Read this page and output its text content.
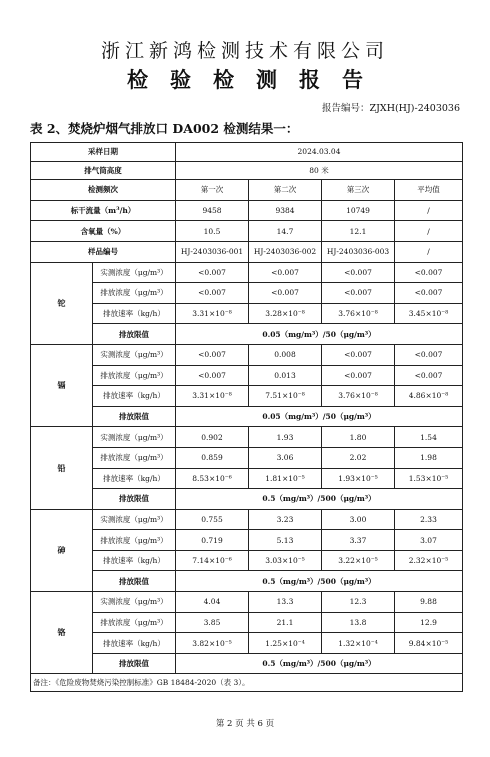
浙江新鸿检测技术有限公司
检验检测报告
报告编号：ZJXH(HJ)-2403036
表 2、焚烧炉烟气排放口 DA002 检测结果一：
采样日期		2024.03.04			
排气筒高度		80 米			
检测频次		第一次	第二次	第三次	平均值
标干流量$(m^3/h)$		9458	9384	10749	/
含氧量（%）		10.5	14.7	12.1	/
样品编号		HJ-2403036-001	HJ-2403036-002	HJ-2403036-003	/
铊	实测浓度（μg/m³）	<0.007	<0.007	<0.007	<0.007
	排放浓度（μg/m³）	<0.007	<0.007	<0.007	<0.007
	排放速率（kg/h）	3.31×10⁻⁸	3.28×10⁻⁸	3.76×10⁻⁸	3.45×10⁻⁸
	排放限值	0.05（mg/m³）/50（μg/m³）			
镉	实测浓度（μg/m³）	<0.007	0.008	<0.007	<0.007
	排放浓度（μg/m³）	<0.007	0.013	<0.007	<0.007
	排放速率（kg/h）	3.31×10⁻⁸	7.51×10⁻⁸	3.76×10⁻⁸	4.86×10⁻⁸
	排放限值	0.05（mg/m³）/50（μg/m³）			
铅	实测浓度（μg/m³）	0.902	1.93	1.80	1.54
	排放浓度（μg/m³）	0.859	3.06	2.02	1.98
	排放速率（kg/h）	8.53×10⁻⁶	1.81×10⁻⁵	1.93×10⁻⁵	1.53×10⁻⁵
	排放限值	0.5（mg/m³）/500（μg/m³）			
砷	实测浓度（μg/m³）	0.755	3.23	3.00	2.33
	排放浓度（μg/m³）	0.719	5.13	3.37	3.07
	排放速率（kg/h）	7.14×10⁻⁶	3.03×10⁻⁵	3.22×10⁻⁵	2.32×10⁻⁵
	排放限值	0.5（mg/m³）/500（μg/m³）			
铬	实测浓度（μg/m³）	4.04	13.3	12.3	9.88
	排放浓度（μg/m³）	3.85	21.1	13.8	12.9
	排放速率（kg/h）	3.82×10⁻⁵	1.25×10⁻⁴	1.32×10⁻⁴	9.84×10⁻⁵
	排放限值	0.5（mg/m³）/500（μg/m³）			
备注：《危险废物焚烧污染控制标准》GB 18484-2020（表 3）。					
第 2 页 共 6 页
